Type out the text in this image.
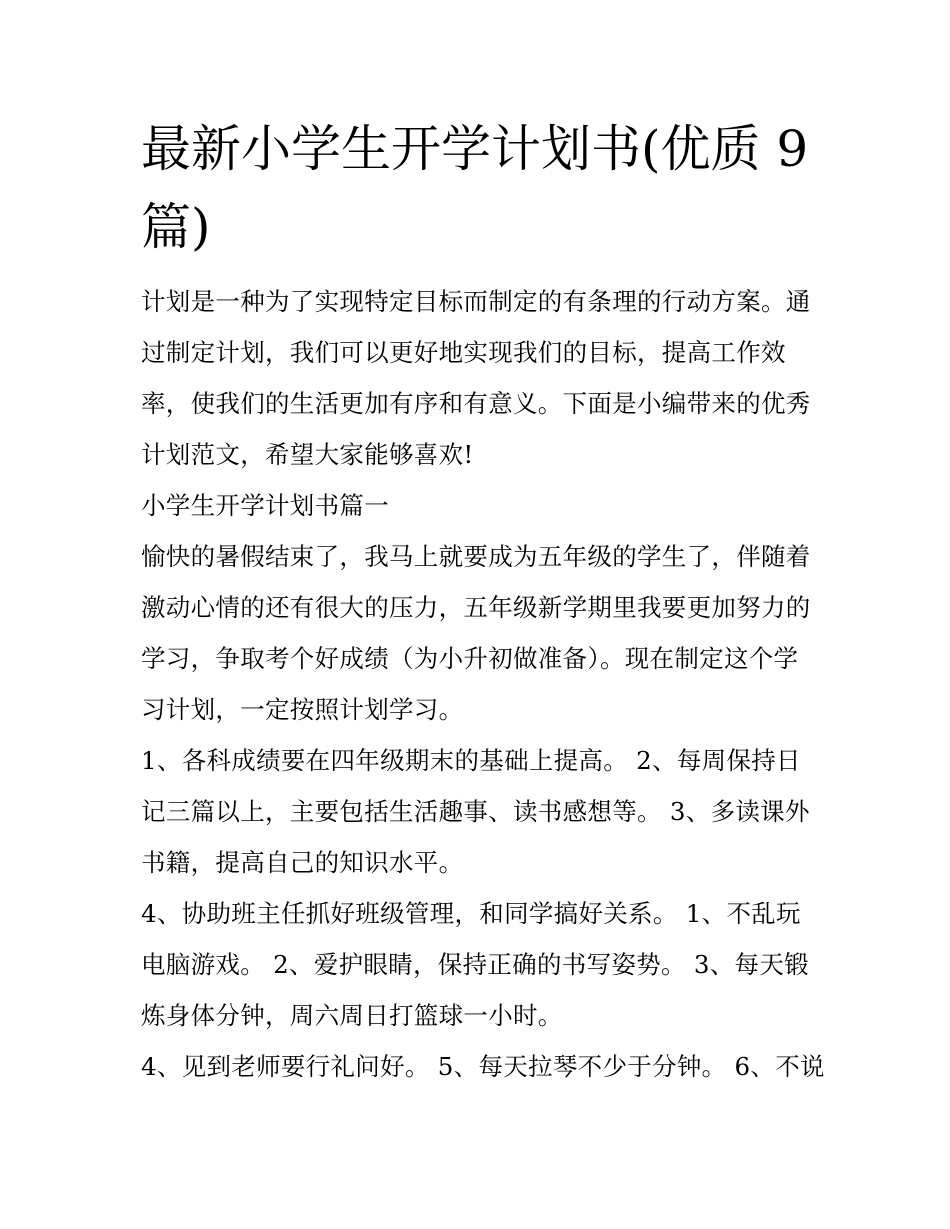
最新小学生开学计划书(优质 9
篇)
计划是一种为了实现特定目标而制定的有条理的行动方案。通
过制定计划，我们可以更好地实现我们的目标，提高工作效
率，使我们的生活更加有序和有意义。下面是小编带来的优秀
计划范文，希望大家能够喜欢!
小学生开学计划书篇一
愉快的暑假结束了，我马上就要成为五年级的学生了，伴随着
激动心情的还有很大的压力，五年级新学期里我要更加努力的
学习，争取考个好成绩（为小升初做准备）。现在制定这个学
习计划，一定按照计划学习。
1、各科成绩要在四年级期末的基础上提高。 2、每周保持日
记三篇以上，主要包括生活趣事、读书感想等。 3、多读课外
书籍，提高自己的知识水平。
4、协助班主任抓好班级管理，和同学搞好关系。 1、不乱玩
电脑游戏。 2、爱护眼睛，保持正确的书写姿势。 3、每天锻
炼身体分钟，周六周日打篮球一小时。
4、见到老师要行礼问好。 5、每天拉琴不少于分钟。 6、不说
